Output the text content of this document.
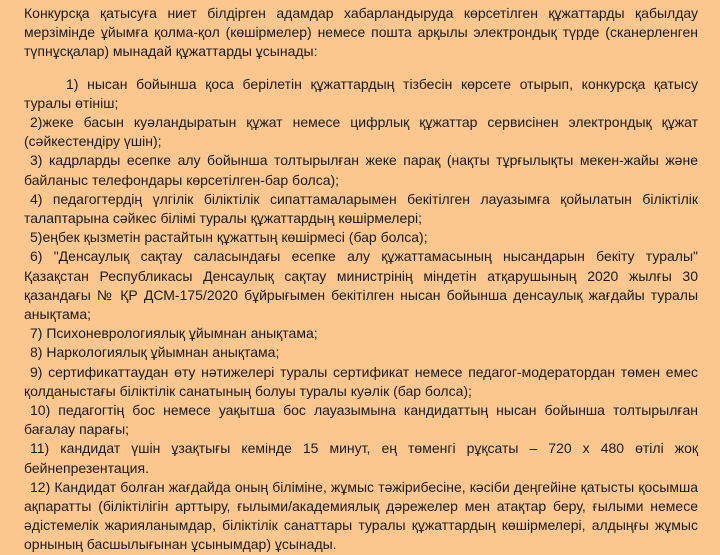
Конкурсқа қатысуға ниет білдірген адамдар хабарландыруда көрсетілген құжаттарды қабылдау мерзімінде ұйымға қолма-қол (көшірмелер) немесе пошта арқылы электрондық түрде (сканерленген түпнұсқалар) мынадай құжаттарды ұсынады:

1) нысан бойынша қоса берілетін құжаттардың тізбесін көрсете отырып, конкурсқа қатысу туралы өтініш;
2)жеке басын куәландыратын құжат немесе цифрлық құжаттар сервисінен электрондық құжат (сәйкестендіру үшін);
3) кадрларды есепке алу бойынша толтырылған жеке парақ (нақты тұрғылықты мекен-жайы және байланыс телефондары көрсетілген-бар болса);
4) педагогтердің үлгілік біліктілік сипаттамаларымен бекітілген лауазымға қойылатын біліктілік талаптарына сәйкес білімі туралы құжаттардың көшірмелері;
5)еңбек қызметін растайтын құжаттың көшірмесі (бар болса);
6) "Денсаулық сақтау саласындағы есепке алу құжаттамасының нысандарын бекіту туралы" Қазақстан Республикасы Денсаулық сақтау министрінің міндетін атқарушының 2020 жылғы 30 қазандағы № ҚР ДСМ-175/2020 бұйрығымен бекітілген нысан бойынша денсаулық жағдайы туралы анықтама;
7) Психоневрологиялық ұйымнан анықтама;
8) Наркологиялық ұйымнан анықтама;
9) сертификаттаудан өту нәтижелері туралы сертификат немесе педагог-модератордан төмен емес қолданыстағы біліктілік санатының болуы туралы куәлік (бар болса);
10) педагогтің бос немесе уақытша бос лауазымына кандидаттың нысан бойынша толтырылған бағалау парағы;
11) кандидат үшін ұзақтығы кемінде 15 минут, ең төменгі рұқсаты – 720 х 480 өтілі жоқ бейнепрезентация.
12) Кандидат болған жағдайда оның біліміне, жұмыс тәжірибесіне, кәсіби деңгейіне қатысты қосымша ақпаратты (біліктілігін арттыру, ғылыми/академиялық дәрежелер мен атақтар беру, ғылыми немесе әдістемелік жарияланымдар, біліктілік санаттары туралы құжаттардың көшірмелері, алдыңғы жұмыс орнының басшылығынан ұсынымдар) ұсынады.
